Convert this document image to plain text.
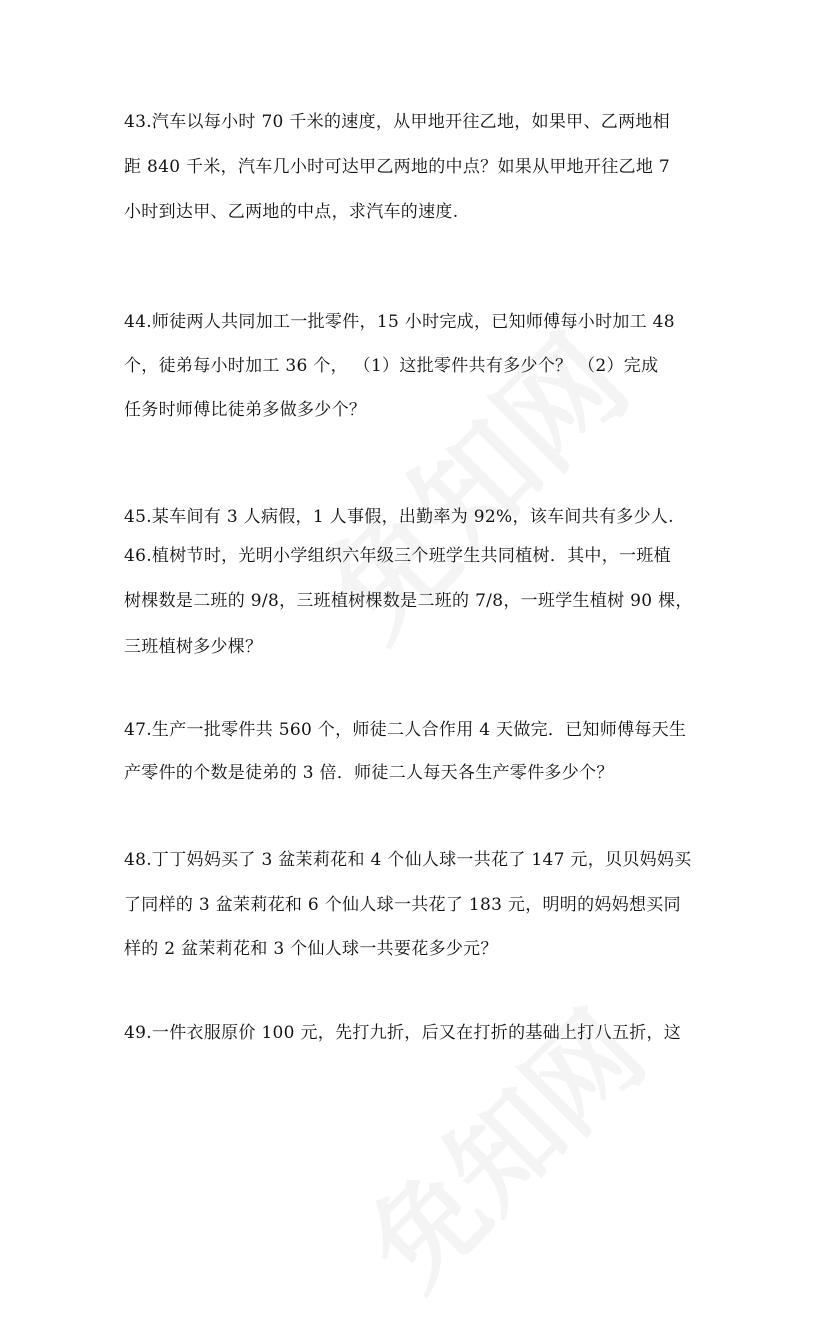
43.汽车以每小时 70 千米的速度，从甲地开往乙地，如果甲、乙两地相
距 840 千米，汽车几小时可达甲乙两地的中点？如果从甲地开往乙地 7
小时到达甲、乙两地的中点，求汽车的速度.
44.师徒两人共同加工一批零件，15 小时完成，已知师傅每小时加工 48
个，徒弟每小时加工 36 个， （1）这批零件共有多少个？ （2）完成
任务时师傅比徒弟多做多少个？
45.某车间有 3 人病假，1 人事假，出勤率为 92%，该车间共有多少人.
46.植树节时，光明小学组织六年级三个班学生共同植树．其中，一班植
树棵数是二班的 9/8，三班植树棵数是二班的 7/8，一班学生植树 90 棵，
三班植树多少棵？
47.生产一批零件共 560 个，师徒二人合作用 4 天做完．已知师傅每天生
产零件的个数是徒弟的 3 倍．师徒二人每天各生产零件多少个？
48.丁丁妈妈买了 3 盆茉莉花和 4 个仙人球一共花了 147 元，贝贝妈妈买
了同样的 3 盆茉莉花和 6 个仙人球一共花了 183 元，明明的妈妈想买同
样的 2 盆茉莉花和 3 个仙人球一共要花多少元？
49.一件衣服原价 100 元，先打九折，后又在打折的基础上打八五折，这
